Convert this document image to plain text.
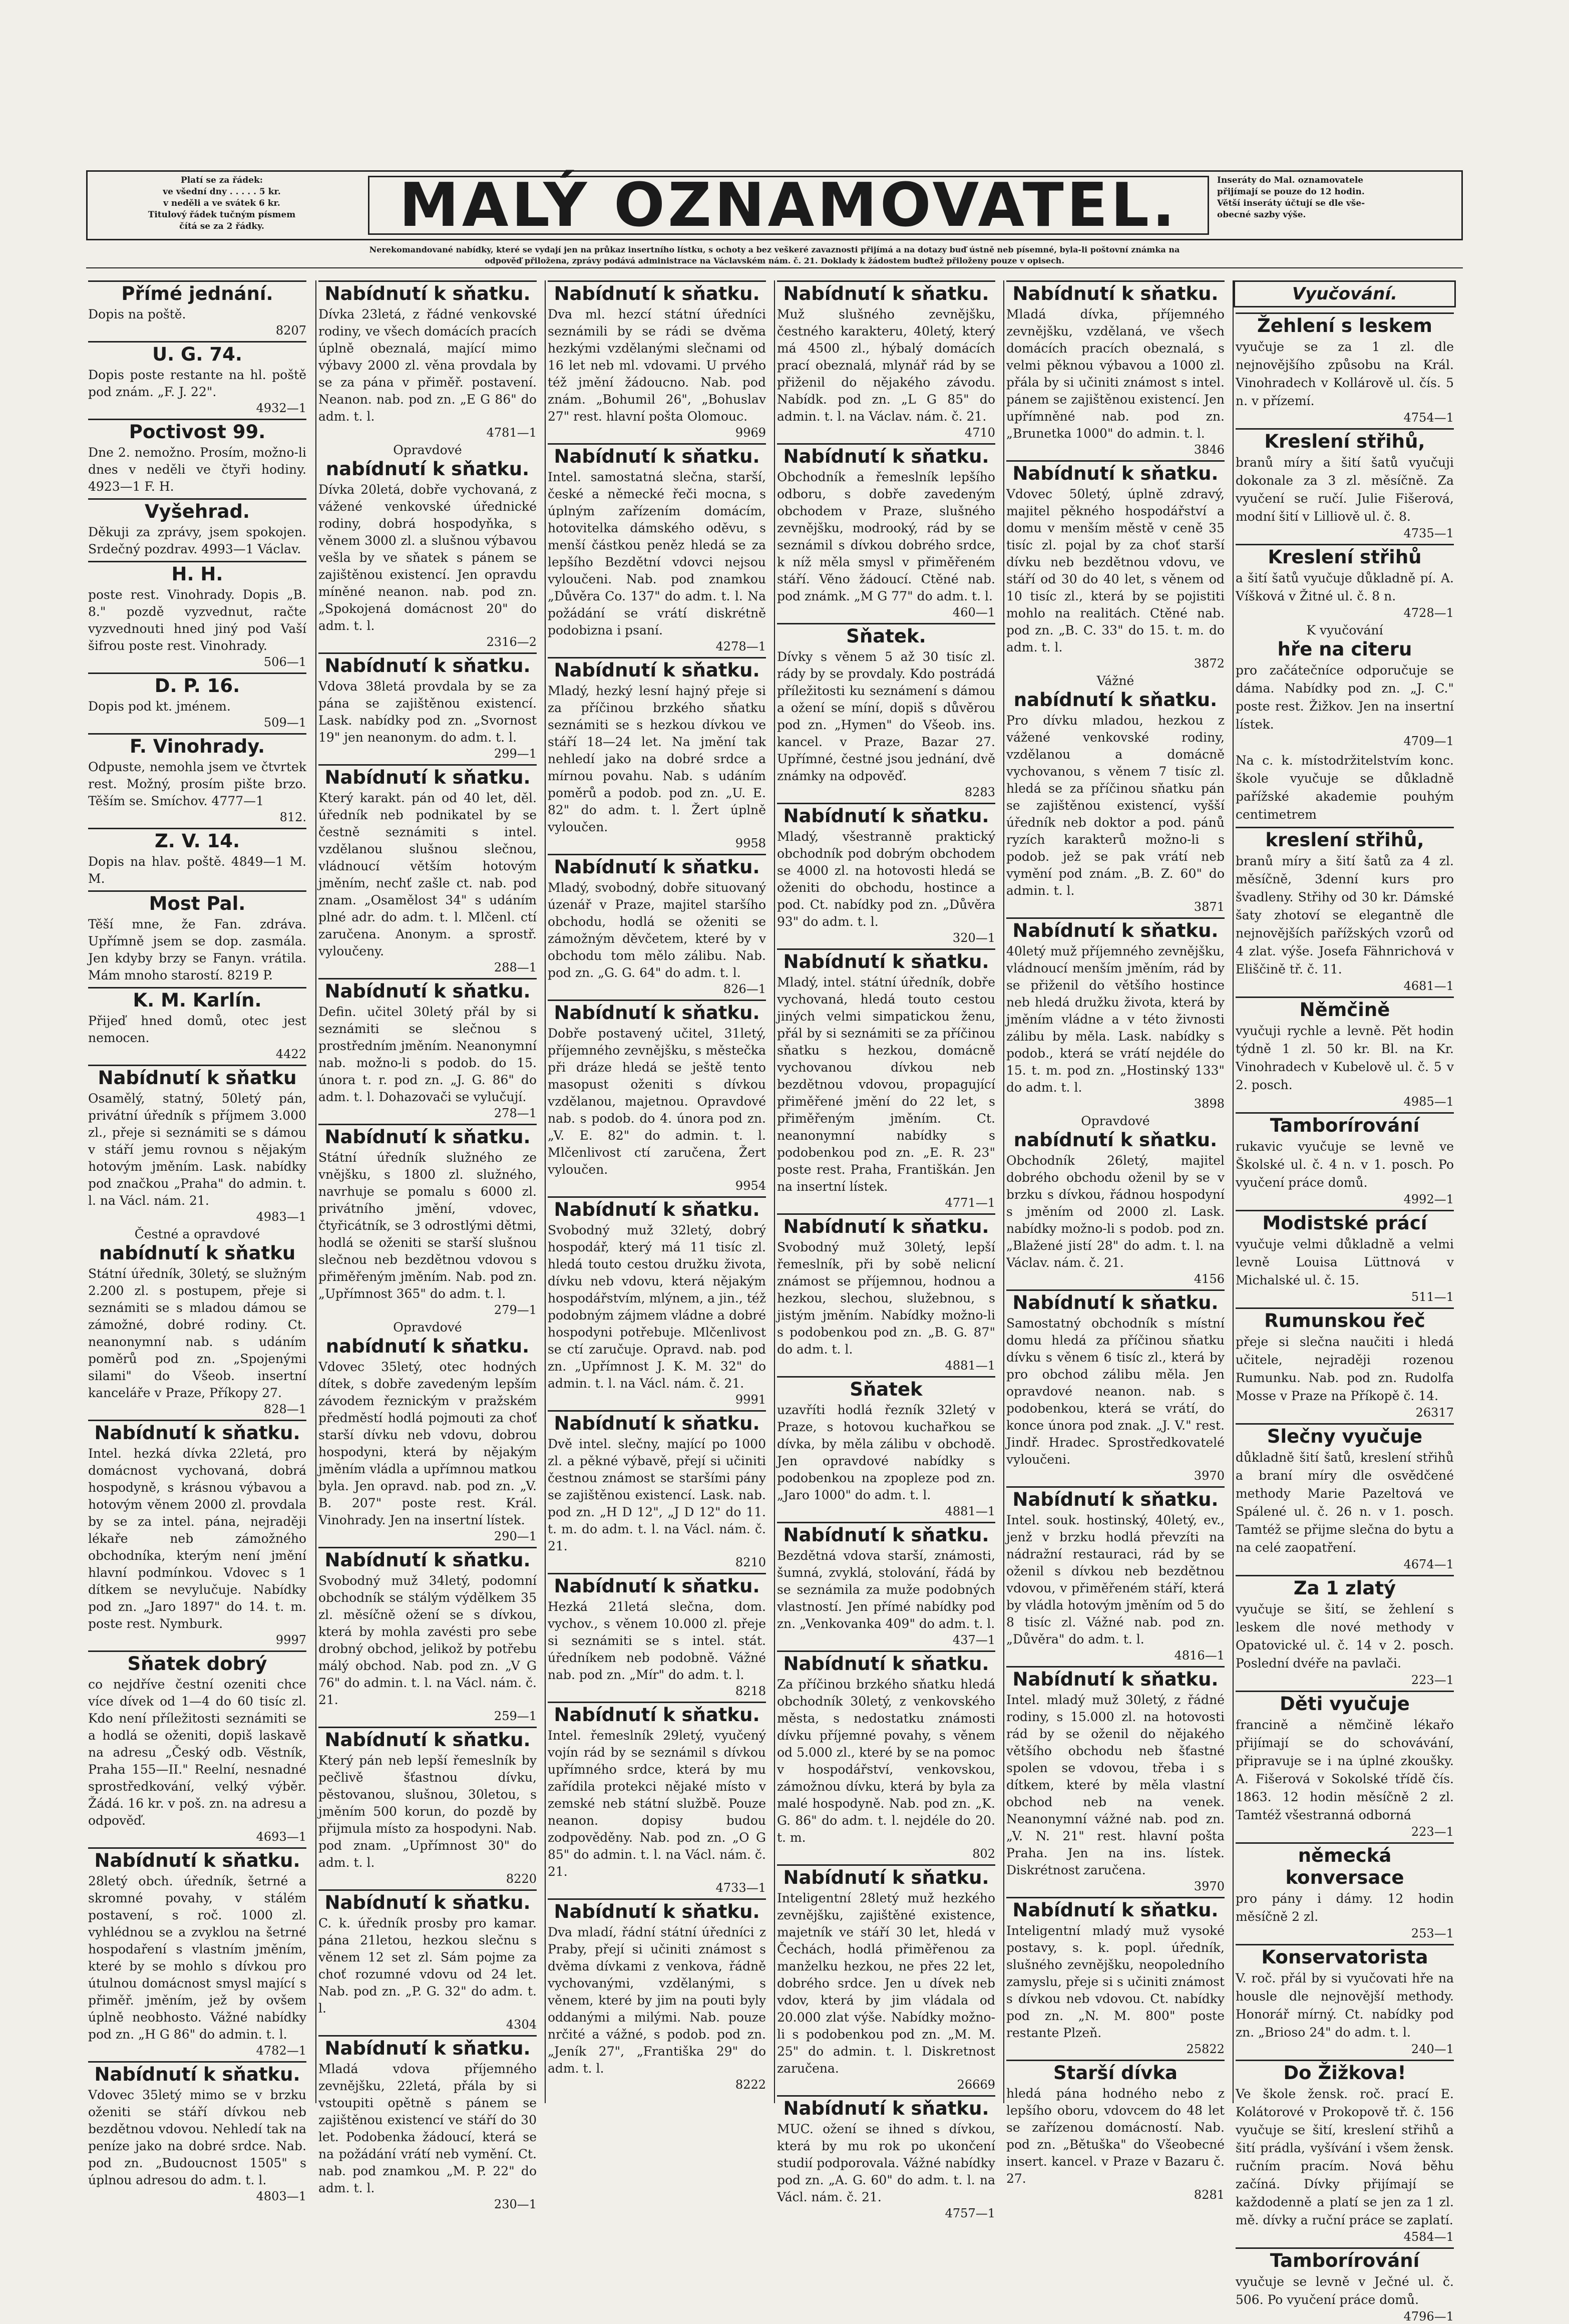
Platí se za řádek:
ve všední dny . . . . . 5 kr.
v neděli a ve svátek 6 kr.
Titulový řádek tučným písmem
čítá se za 2 řádky.	MALÝ OZNAMOVATEL.	Inseráty do Mal. oznamovatele
přijímají se pouze do 12 hodin.
Větší inseráty účtují se dle vše-
obecné sazby výše.
Nerekomandované nabídky, které se vydají jen na průkaz insertního lístku, s ochoty a bez veškeré zavaznosti přijímá a na dotazy buď ústně neb písemné, byla-li poštovní známka na
odpověď přiložena, zprávy podává administrace na Václavském nám. č. 21. Doklady k žádostem buďtež přiloženy pouze v opisech.
Přímé jednání.
Dopis na poště.
8207
U. G. 74.
Dopis poste restante na hl. poště pod znám. „F. J. 22".
4932—1
Poctivost 99.
Dne 2. nemožno. Prosím, možno-li dnes v neděli ve čtyři hodiny. 4923—1 F. H.
Vyšehrad.
Děkuji za zprávy, jsem spokojen. Srdečný pozdrav. 4993—1 Václav.
H. H.
poste rest. Vinohrady. Dopis „B. 8." pozdě vyzvednut, račte vyzvednouti hned jiný pod Vaší šifrou poste rest. Vinohrady.
506—1
D. P. 16.
Dopis pod kt. jménem.
509—1
F. Vinohrady.
Odpuste, nemohla jsem ve čtvrtek rest. Možný, prosím pište brzo. Těším se. Smíchov. 4777—1
812.
Z. V. 14.
Dopis na hlav. poště. 4849—1 M. M.
Most Pal.
Těší mne, že Fan. zdráva. Upřímně jsem se dop. zasmála. Jen kdyby brzy se Fanyn. vrátila. Mám mnoho starostí. 8219 P.
K. M. Karlín.
Přijeď hned domů, otec jest nemocen.
4422
Nabídnutí k sňatku
Osamělý, statný, 50letý pán, privátní úředník s příjmem 3.000 zl., přeje si seznámiti se s dámou v stáří jemu rovnou s nějakým hotovým jměním. Lask. nabídky pod značkou „Praha" do admin. t. l. na Václ. nám. 21.
4983—1
Čestné a opravdové
nabídnutí k sňatku
Státní úředník, 30letý, se služným 2.200 zl. s postupem, přeje si seznámiti se s mladou dámou se zámožné, dobré rodiny. Ct. neanonymní nab. s udáním poměrů pod zn. „Spojenými silami" do Všeob. insertní kanceláře v Praze, Příkopy 27.
828—1
Nabídnutí k sňatku.
Intel. hezká dívka 22letá, pro domácnost vychovaná, dobrá hospodyně, s krásnou výbavou a hotovým věnem 2000 zl. provdala by se za intel. pána, nejraději lékaře neb zámožného obchodníka, kterým není jmění hlavní podmínkou. Vdovec s 1 dítkem se nevylučuje. Nabídky pod zn. „Jaro 1897" do 14. t. m. poste rest. Nymburk.
9997
Sňatek dobrý
co nejdříve čestní ozeniti chce více dívek od 1—4 do 60 tisíc zl. Kdo není příležitosti seznámiti se a hodlá se oženiti, dopiš laskavě na adresu „Český odb. Věstník, Praha 155—II." Reelní, nesnadné sprostředkování, velký výběr. Žádá. 16 kr. v poš. zn. na adresu a odpověď.
4693—1
Nabídnutí k sňatku.
28letý obch. úředník, šetrné a skromné povahy, v stálém postavení, s roč. 1000 zl. vyhlédnou se a zvyklou na šetrné hospodaření s vlastním jměním, které by se mohlo s dívkou pro útulnou domácnost smysl mající s přiměř. jměním, jež by ovšem úplně neobhosto. Vážné nabídky pod zn. „H G 86" do admin. t. l.
4782—1
Nabídnutí k sňatku.
Vdovec 35letý mimo se v brzku oženiti se stáří dívkou neb bezdětnou vdovou. Nehledí tak na peníze jako na dobré srdce. Nab. pod zn. „Budoucnost 1505" s úplnou adresou do adm. t. l.
4803—1
Nabídnutí k sňatku.
Dívka 23letá, z řádné venkovské rodiny, ve všech domácích pracích úplně obeznalá, mající mimo výbavy 2000 zl. věna provdala by se za pána v přiměř. postavení. Neanon. nab. pod zn. „E G 86" do adm. t. l.
4781—1
Opravdové
nabídnutí k sňatku.
Dívka 20letá, dobře vychovaná, z vážené venkovské úřednické rodiny, dobrá hospodyňka, s věnem 3000 zl. a slušnou výbavou vešla by ve sňatek s pánem se zajištěnou existencí. Jen opravdu míněné neanon. nab. pod zn. „Spokojená domácnost 20" do adm. t. l.
2316—2
Nabídnutí k sňatku.
Vdova 38letá provdala by se za pána se zajištěnou existencí. Lask. nabídky pod zn. „Svornost 19" jen neanonym. do adm. t. l.
299—1
Nabídnutí k sňatku.
Který karakt. pán od 40 let, děl. úředník neb podnikatel by se čestně seznámiti s intel. vzdělanou slušnou slečnou, vládnoucí větším hotovým jměním, nechť zašle ct. nab. pod znam. „Osamělost 34" s udáním plné adr. do adm. t. l. Mlčenl. ctí zaručena. Anonym. a sprostř. vyloučeny.
288—1
Nabídnutí k sňatku.
Defin. učitel 30letý přál by si seznámiti se slečnou s prostředním jměním. Neanonymní nab. možno-li s podob. do 15. února t. r. pod zn. „J. G. 86" do adm. t. l. Dohazovači se vylučují.
278—1
Nabídnutí k sňatku.
Státní úředník služného ze vnějšku, s 1800 zl. služného, navrhuje se pomalu s 6000 zl. privátního jmění, vdovec, čtyřicátník, se 3 odrostlými dětmi, hodlá se oženiti se starší slušnou slečnou neb bezdětnou vdovou s přiměřeným jměním. Nab. pod zn. „Upřímnost 365" do adm. t. l.
279—1
Opravdové
nabídnutí k sňatku.
Vdovec 35letý, otec hodných dítek, s dobře zavedeným lepším závodem řeznickým v pražském předměstí hodlá pojmouti za choť starší dívku neb vdovu, dobrou hospodyni, která by nějakým jměním vládla a upřímnou matkou byla. Jen opravd. nab. pod zn. „V. B. 207" poste rest. Král. Vinohrady. Jen na insertní lístek.
290—1
Nabídnutí k sňatku.
Svobodný muž 34letý, podomní obchodník se stálým výdělkem 35 zl. měsíčně ožení se s dívkou, která by mohla zavésti pro sebe drobný obchod, jelikož by potřebu málý obchod. Nab. pod zn. „V G 76" do admin. t. l. na Václ. nám. č. 21.
259—1
Nabídnutí k sňatku.
Který pán neb lepší řemeslník by pečlivě šťastnou dívku, pěstovanou, slušnou, 30letou, s jměním 500 korun, do pozdě by přijmula místo za hospodyni. Nab. pod znam. „Upřímnost 30" do adm. t. l.
8220
Nabídnutí k sňatku.
C. k. úředník prosby pro kamar. pána 21letou, hezkou slečnu s věnem 12 set zl. Sám pojme za choť rozumné vdovu od 24 let. Nab. pod zn. „P. G. 32" do adm. t. l.
4304
Nabídnutí k sňatku.
Mladá vdova příjemného zevnějšku, 22letá, přála by si vstoupiti opětně s pánem se zajištěnou existencí ve stáří do 30 let. Podobenka žádoucí, která se na požádání vrátí neb vymění. Ct. nab. pod znamkou „M. P. 22" do adm. t. l.
230—1
Nabídnutí k sňatku.
Dva ml. hezcí státní úředníci seznámili by se rádi se dvěma hezkými vzdělanými slečnami od 16 let neb ml. vdovami. U prvého též jmění žádoucno. Nab. pod znám. „Bohumil 26", „Bohuslav 27" rest. hlavní pošta Olomouc.
9969
Nabídnutí k sňatku.
Intel. samostatná slečna, starší, české a německé řeči mocna, s úplným zařízením domácím, hotovitelka dámského oděvu, s menší částkou peněz hledá se za lepšího Bezdětní vdovci nejsou vyloučeni. Nab. pod znamkou „Důvěra Co. 137" do adm. t. l. Na požádání se vrátí diskrétně podobizna i psaní.
4278—1
Nabídnutí k sňatku.
Mladý, hezký lesní hajný přeje si za příčinou brzkého sňatku seznámiti se s hezkou dívkou ve stáří 18—24 let. Na jmění tak nehledí jako na dobré srdce a mírnou povahu. Nab. s udáním poměrů a podob. pod zn. „U. E. 82" do adm. t. l. Žert úplně vyloučen.
9958
Nabídnutí k sňatku.
Mladý, svobodný, dobře situovaný úzenář v Praze, majitel staršího obchodu, hodlá se oženiti se zámožným děvčetem, které by v obchodu tom mělo zálibu. Nab. pod zn. „G. G. 64" do adm. t. l.
826—1
Nabídnutí k sňatku.
Dobře postavený učitel, 31letý, příjemného zevnějšku, s městečka při dráze hledá se ještě tento masopust oženiti s dívkou vzdělanou, majetnou. Opravdové nab. s podob. do 4. února pod zn. „V. E. 82" do admin. t. l. Mlčenlivost ctí zaručena, Žert vyloučen.
9954
Nabídnutí k sňatku.
Svobodný muž 32letý, dobrý hospodář, který má 11 tisíc zl. hledá touto cestou družku života, dívku neb vdovu, která nějakým hospodářstvím, mlýnem, a jin., též podobným zájmem vládne a dobré hospodyni potřebuje. Mlčenlivost se ctí zaručuje. Opravd. nab. pod zn. „Upřímnost J. K. M. 32" do admin. t. l. na Václ. nám. č. 21.
9991
Nabídnutí k sňatku.
Dvě intel. slečny, mající po 1000 zl. a pěkné výbavě, přejí si učiniti čestnou známost se staršími pány se zajištěnou existencí. Lask. nab. pod zn. „H D 12", „J D 12" do 11. t. m. do adm. t. l. na Václ. nám. č. 21.
8210
Nabídnutí k sňatku.
Hezká 21letá slečna, dom. vychov., s věnem 10.000 zl. přeje si seznámiti se s intel. stát. úředníkem neb podobně. Vážné nab. pod zn. „Mír" do adm. t. l.
8218
Nabídnutí k sňatku.
Intel. řemeslník 29letý, vyučený vojín rád by se seznámil s dívkou upřímného srdce, která by mu zařídila protekci nějaké místo v zemské neb státní službě. Pouze neanon. dopisy budou zodpověděny. Nab. pod zn. „O G 85" do admin. t. l. na Václ. nám. č. 21.
4733—1
Nabídnutí k sňatku.
Dva mladí, řádní státní úředníci z Praby, přejí si učiniti známost s dvěma dívkami z venkova, řádně vychovanými, vzdělanými, s věnem, které by jim na pouti byly oddanými a milými. Nab. pouze nrčité a vážné, s podob. pod zn. „Jeník 27", „Františka 29" do adm. t. l.
8222
Nabídnutí k sňatku.
Muž slušného zevnějšku, čestného karakteru, 40letý, který má 4500 zl., hýbalý domácích prací obeznalá, mlynář rád by se přiženil do nějakého závodu. Nabídk. pod zn. „L G 85" do admin. t. l. na Václav. nám. č. 21.
4710
Nabídnutí k sňatku.
Obchodník a řemeslník lepšího odboru, s dobře zavedeným obchodem v Praze, slušného zevnějšku, modrooký, rád by se seznámil s dívkou dobrého srdce, k níž měla smysl v přiměřeném stáří. Věno žádoucí. Ctěné nab. pod známk. „M G 77" do adm. t. l.
460—1
Sňatek.
Dívky s věnem 5 až 30 tisíc zl. rády by se provdaly. Kdo postrádá příležitosti ku seznámení s dámou a ožení se míní, dopiš s důvěrou pod zn. „Hymen" do Všeob. ins. kancel. v Praze, Bazar 27. Upřímné, čestné jsou jednání, dvě známky na odpověď.
8283
Nabídnutí k sňatku.
Mladý, všestranně praktický obchodník pod dobrým obchodem se 4000 zl. na hotovosti hledá se oženiti do obchodu, hostince a pod. Ct. nabídky pod zn. „Důvěra 93" do adm. t. l.
320—1
Nabídnutí k sňatku.
Mladý, intel. státní úředník, dobře vychovaná, hledá touto cestou jiných velmi simpatickou ženu, přál by si seznámiti se za příčinou sňatku s hezkou, domácně vychovanou dívkou neb bezdětnou vdovou, propagující přiměřené jmění do 22 let, s přiměřeným jměním. Ct. neanonymní nabídky s podobenkou pod zn. „E. R. 23" poste rest. Praha, Františkán. Jen na insertní lístek.
4771—1
Nabídnutí k sňatku.
Svobodný muž 30letý, lepší řemeslník, při by sobě nelicní známost se příjemnou, hodnou a hezkou, slechou, služebnou, s jistým jměním. Nabídky možno-li s podobenkou pod zn. „B. G. 87" do adm. t. l.
4881—1
Sňatek
uzavříti hodlá řezník 32letý v Praze, s hotovou kuchařkou se dívka, by měla zálibu v obchodě. Jen opravdové nabídky s podobenkou na zpopleze pod zn. „Jaro 1000" do adm. t. l.
4881—1
Nabídnutí k sňatku.
Bezdětná vdova starší, známosti, šumná, zvyklá, stolování, řádá by se seznámila za muže podobných vlastností. Jen přímé nabídky pod zn. „Venkovanka 409" do adm. t. l.
437—1
Nabídnutí k sňatku.
Za příčinou brzkého sňatku hledá obchodník 30letý, z venkovského města, s nedostatku známosti dívku příjemné povahy, s věnem od 5.000 zl., které by se na pomoc v hospodářství, venkovskou, zámožnou dívku, která by byla za malé hospodyně. Nab. pod zn. „K. G. 86" do adm. t. l. nejdéle do 20. t. m.
802
Nabídnutí k sňatku.
Inteligentní 28letý muž hezkého zevnějšku, zajištěné existence, majetník ve stáří 30 let, hledá v Čechách, hodlá přiměřenou za manželku hezkou, ne přes 22 let, dobrého srdce. Jen u dívek neb vdov, která by jim vládala od 20.000 zlat výše. Nabídky možno-li s podobenkou pod zn. „M. M. 25" do admin. t. l. Diskretnost zaručena.
26669
Nabídnutí k sňatku.
MUC. ožení se ihned s dívkou, která by mu rok po ukončení studií podporovala. Vážné nabídky pod zn. „A. G. 60" do adm. t. l. na Václ. nám. č. 21.
4757—1
Nabídnutí k sňatku.
Mladá dívka, příjemného zevnějšku, vzdělaná, ve všech domácích pracích obeznalá, s velmi pěknou výbavou a 1000 zl. přála by si učiniti známost s intel. pánem se zajištěnou existencí. Jen upřímněné nab. pod zn. „Brunetka 1000" do admin. t. l.
3846
Nabídnutí k sňatku.
Vdovec 50letý, úplně zdravý, majitel pěkného hospodářství a domu v menším městě v ceně 35 tisíc zl. pojal by za choť starší dívku neb bezdětnou vdovu, ve stáří od 30 do 40 let, s věnem od 10 tisíc zl., která by se pojistiti mohlo na realitách. Ctěné nab. pod zn. „B. C. 33" do 15. t. m. do adm. t. l.
3872
Vážné
nabídnutí k sňatku.
Pro dívku mladou, hezkou z vážené venkovské rodiny, vzdělanou a domácně vychovanou, s věnem 7 tisíc zl. hledá se za příčinou sňatku pán se zajištěnou existencí, vyšší úředník neb doktor a pod. pánů ryzích karakterů možno-li s podob. jež se pak vrátí neb vymění pod znám. „B. Z. 60" do admin. t. l.
3871
Nabídnutí k sňatku.
40letý muž příjemného zevnějšku, vládnoucí menším jměním, rád by se přiženil do většího hostince neb hledá družku života, která by jměním vládne a v této živnosti zálibu by měla. Lask. nabídky s podob., která se vrátí nejdéle do 15. t. m. pod zn. „Hostinský 133" do adm. t. l.
3898
Opravdové
nabídnutí k sňatku.
Obchodník 26letý, majitel dobrého obchodu oženil by se v brzku s dívkou, řádnou hospodyní s jměním od 2000 zl. Lask. nabídky možno-li s podob. pod zn. „Blažené jistí 28" do adm. t. l. na Václav. nám. č. 21.
4156
Nabídnutí k sňatku.
Samostatný obchodník s místní domu hledá za příčinou sňatku dívku s věnem 6 tisíc zl., která by pro obchod zálibu měla. Jen opravdové neanon. nab. s podobenkou, která se vrátí, do konce února pod znak. „J. V." rest. Jindř. Hradec. Sprostředkovatelé vyloučeni.
3970
Nabídnutí k sňatku.
Intel. souk. hostinský, 40letý, ev., jenž v brzku hodlá převzíti na nádražní restauraci, rád by se oženil s dívkou neb bezdětnou vdovou, v přiměřeném stáří, která by vládla hotovým jměním od 5 do 8 tisíc zl. Vážné nab. pod zn. „Důvěra" do adm. t. l.
4816—1
Nabídnutí k sňatku.
Intel. mladý muž 30letý, z řádné rodiny, s 15.000 zl. na hotovosti rád by se oženil do nějakého většího obchodu neb šťastné spolen se vdovou, třeba i s dítkem, které by měla vlastní obchod neb na venek. Neanonymní vážné nab. pod zn. „V. N. 21" rest. hlavní pošta Praha. Jen na ins. lístek. Diskrétnost zaručena.
3970
Nabídnutí k sňatku.
Inteligentní mladý muž vysoké postavy, s. k. popl. úředník, slušného zevnějšku, neopoledního zamyslu, přeje si s učiniti známost s dívkou neb vdovou. Ct. nabídky pod zn. „N. M. 800" poste restante Plzeň.
25822
Starší dívka
hledá pána hodného nebo z lepšího oboru, vdovcem do 48 let se zařízenou domácností. Nab. pod zn. „Bětuška" do Všeobecné insert. kancel. v Praze v Bazaru č. 27.
8281
Vyučování.
Žehlení s leskem
vyučuje se za 1 zl. dle nejnovějšího způsobu na Král. Vinohradech v Kollárově ul. čís. 5 n. v přízemí.
4754—1
Kreslení střihů,
branů míry a šití šatů vyučuji dokonale za 3 zl. měsíčně. Za vyučení se ručí. Julie Fišerová, modní šití v Lilliově ul. č. 8.
4735—1
Kreslení střihů
a šití šatů vyučuje důkladně pí. A. Víšková v Žitné ul. č. 8 n.
4728—1
K vyučování
hře na citeru
pro začátečníce odporučuje se dáma. Nabídky pod zn. „J. C." poste rest. Žižkov. Jen na insertní lístek.
4709—1
Na c. k. místodržitelstvím konc. škole vyučuje se důkladně pařížské akademie pouhým centimetrem
kreslení střihů,
branů míry a šití šatů za 4 zl. měsíčně, 3denní kurs pro švadleny. Střihy od 30 kr. Dámské šaty zhotoví se elegantně dle nejnovějších pařížských vzorů od 4 zlat. výše. Josefa Fähnrichová v Eliščině tř. č. 11.
4681—1
Němčině
vyučuji rychle a levně. Pět hodin týdně 1 zl. 50 kr. Bl. na Kr. Vinohradech v Kubelově ul. č. 5 v 2. posch.
4985—1
Tamborírování
rukavic vyučuje se levně ve Školské ul. č. 4 n. v 1. posch. Po vyučení práce domů.
4992—1
Modistské prácí
vyučuje velmi důkladně a velmi levně Louisa Lüttnová v Michalské ul. č. 15.
511—1
Rumunskou řeč
přeje si slečna naučiti i hledá učitele, nejraději rozenou Rumunku. Nab. pod zn. Rudolfa Mosse v Praze na Příkopě č. 14.
26317
Slečny vyučuje
důkladně šití šatů, kreslení střihů a braní míry dle osvědčené methody Marie Pazeltová ve Spálené ul. č. 26 n. v 1. posch. Tamtéž se přijme slečna do bytu a na celé zaopatření.
4674—1
Za 1 zlatý
vyučuje se šití, se žehlení s leskem dle nové methody v Opatovické ul. č. 14 v 2. posch. Poslední dvéře na pavlači.
223—1
Děti vyučuje
francině a němčině lékařo přijímají se do schovávání, připravuje se i na úplné zkoušky. A. Fišerová v Sokolské třídě čís. 1863. 12 hodin měsíčně 2 zl. Tamtéž všestranná odborná
223—1
německá konversace
pro pány i dámy. 12 hodin měsíčně 2 zl.
253—1
Konservatorista
V. roč. přál by si vyučovati hře na housle dle nejnovější methody. Honorář mírný. Ct. nabídky pod zn. „Brioso 24" do adm. t. l.
240—1
Do Žižkova!
Ve škole žensk. roč. prací E. Kolátorové v Prokopově tř. č. 156 vyučuje se šití, kreslení střihů a šití prádla, vyšívání i všem žensk. ručním pracím. Nová běhu začíná. Dívky přijímají se každodenně a platí se jen za 1 zl. mě. dívky a ruční práce se zaplatí.
4584—1
Tamborírování
vyučuje se levně v Ječné ul. č. 506. Po vyučení práce domů.
4796—1
